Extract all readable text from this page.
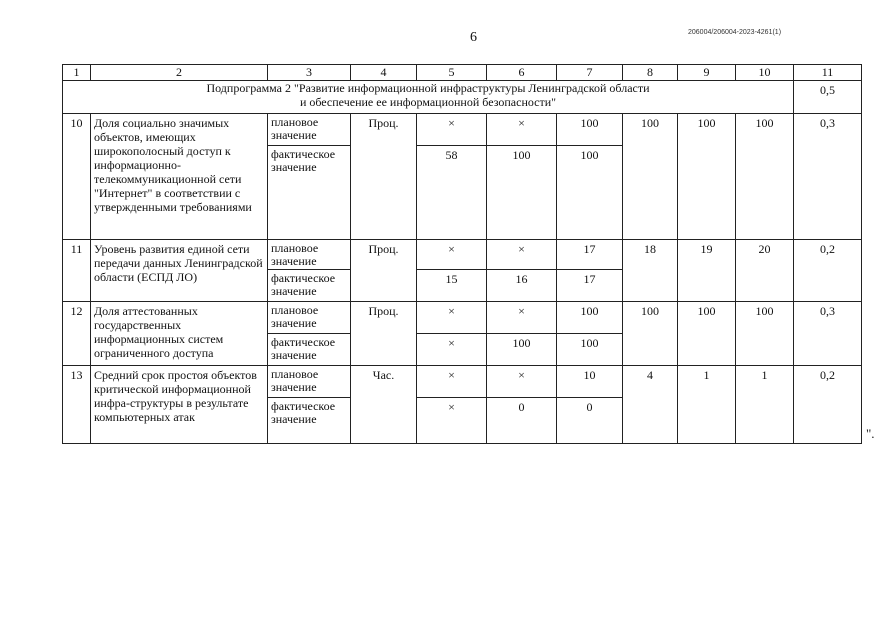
6	206004/206004-2023-4261(1)
1	2	3	4	5	6	7	8	9	10	11

Подпрограмма 2 "Развитие информационной инфраструктуры Ленинградской области
и обеспечение ее информационной безопасности"										0,5
10	Доля социально значимых объектов, имеющих широкополосный доступ к информационно-телекоммуникационной сети "Интернет" в соответствии с утвержденными требованиями	плановое значение	Проц.	×	×	100	100	100	100	0,3
		фактическое значение		58	100	100				
11	Уровень развития единой сети передачи данных Ленинградской области (ЕСПД ЛО)	плановое значение	Проц.	×	×	17	18	19	20	0,2
		фактическое значение		15	16	17				
12	Доля аттестованных государственных информационных систем ограниченного доступа	плановое значение	Проц.	×	×	100	100	100	100	0,3
		фактическое значение		×	100	100				
13	Средний срок простоя объектов критической информационной инфра-структуры в результате компьютерных атак	плановое значение	Час.	×	×	10	4	1	1	0,2
		фактическое значение		×	0	0				
".
